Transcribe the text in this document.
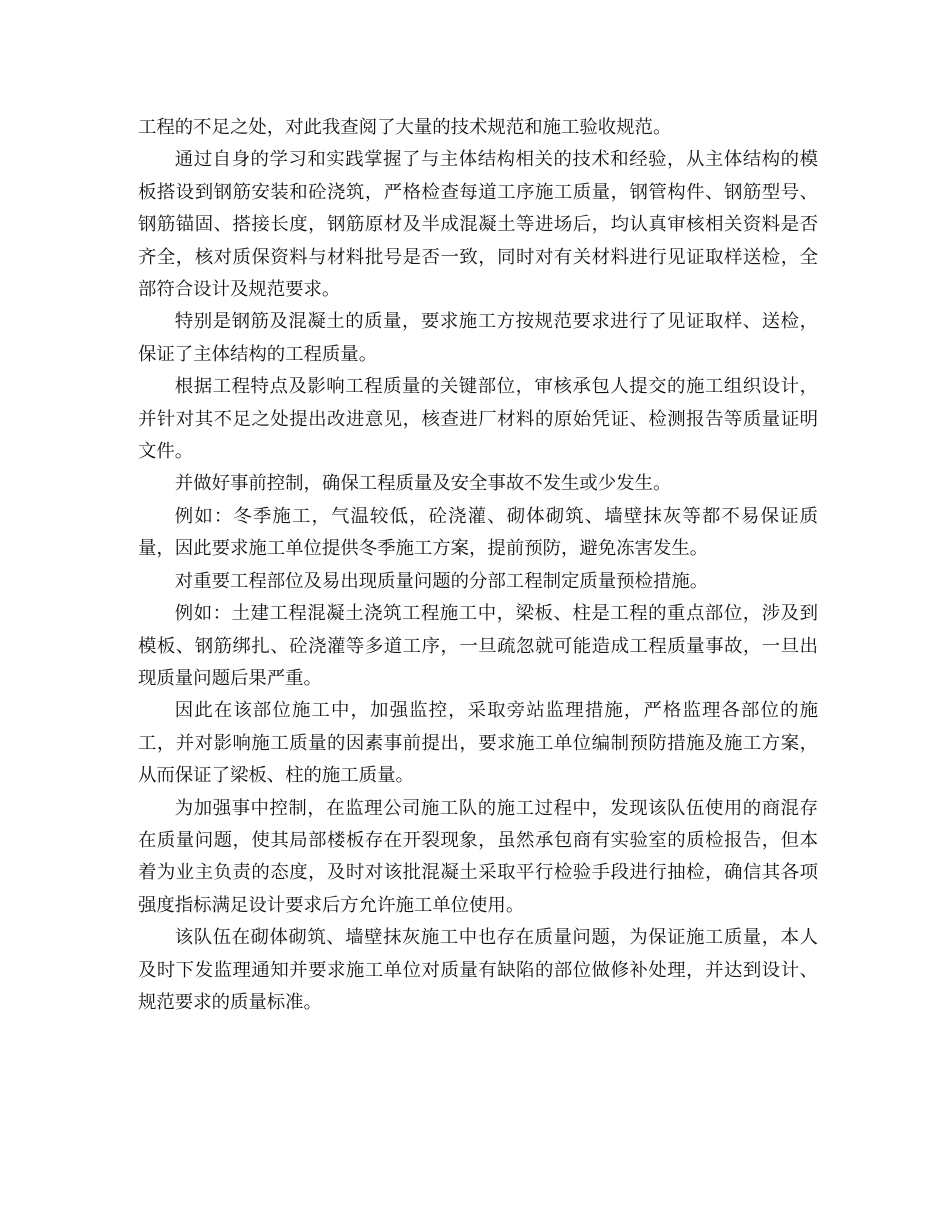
工程的不足之处，对此我查阅了大量的技术规范和施工验收规范。

通过自身的学习和实践掌握了与主体结构相关的技术和经验，从主体结构的模板搭设到钢筋安装和砼浇筑，严格检查每道工序施工质量，钢管构件、钢筋型号、钢筋锚固、搭接长度，钢筋原材及半成混凝土等进场后，均认真审核相关资料是否齐全，核对质保资料与材料批号是否一致，同时对有关材料进行见证取样送检，全部符合设计及规范要求。

特别是钢筋及混凝土的质量，要求施工方按规范要求进行了见证取样、送检，保证了主体结构的工程质量。

根据工程特点及影响工程质量的关键部位，审核承包人提交的施工组织设计，并针对其不足之处提出改进意见，核查进厂材料的原始凭证、检测报告等质量证明文件。

并做好事前控制，确保工程质量及安全事故不发生或少发生。

例如：冬季施工，气温较低，砼浇灌、砌体砌筑、墙壁抹灰等都不易保证质量，因此要求施工单位提供冬季施工方案，提前预防，避免冻害发生。

对重要工程部位及易出现质量问题的分部工程制定质量预检措施。

例如：土建工程混凝土浇筑工程施工中，梁板、柱是工程的重点部位，涉及到模板、钢筋绑扎、砼浇灌等多道工序，一旦疏忽就可能造成工程质量事故，一旦出现质量问题后果严重。

因此在该部位施工中，加强监控，采取旁站监理措施，严格监理各部位的施工，并对影响施工质量的因素事前提出，要求施工单位编制预防措施及施工方案，从而保证了梁板、柱的施工质量。

为加强事中控制，在监理公司施工队的施工过程中，发现该队伍使用的商混存在质量问题，使其局部楼板存在开裂现象，虽然承包商有实验室的质检报告，但本着为业主负责的态度，及时对该批混凝土采取平行检验手段进行抽检，确信其各项强度指标满足设计要求后方允许施工单位使用。

该队伍在砌体砌筑、墙壁抹灰施工中也存在质量问题，为保证施工质量，本人及时下发监理通知并要求施工单位对质量有缺陷的部位做修补处理，并达到设计、规范要求的质量标准。
